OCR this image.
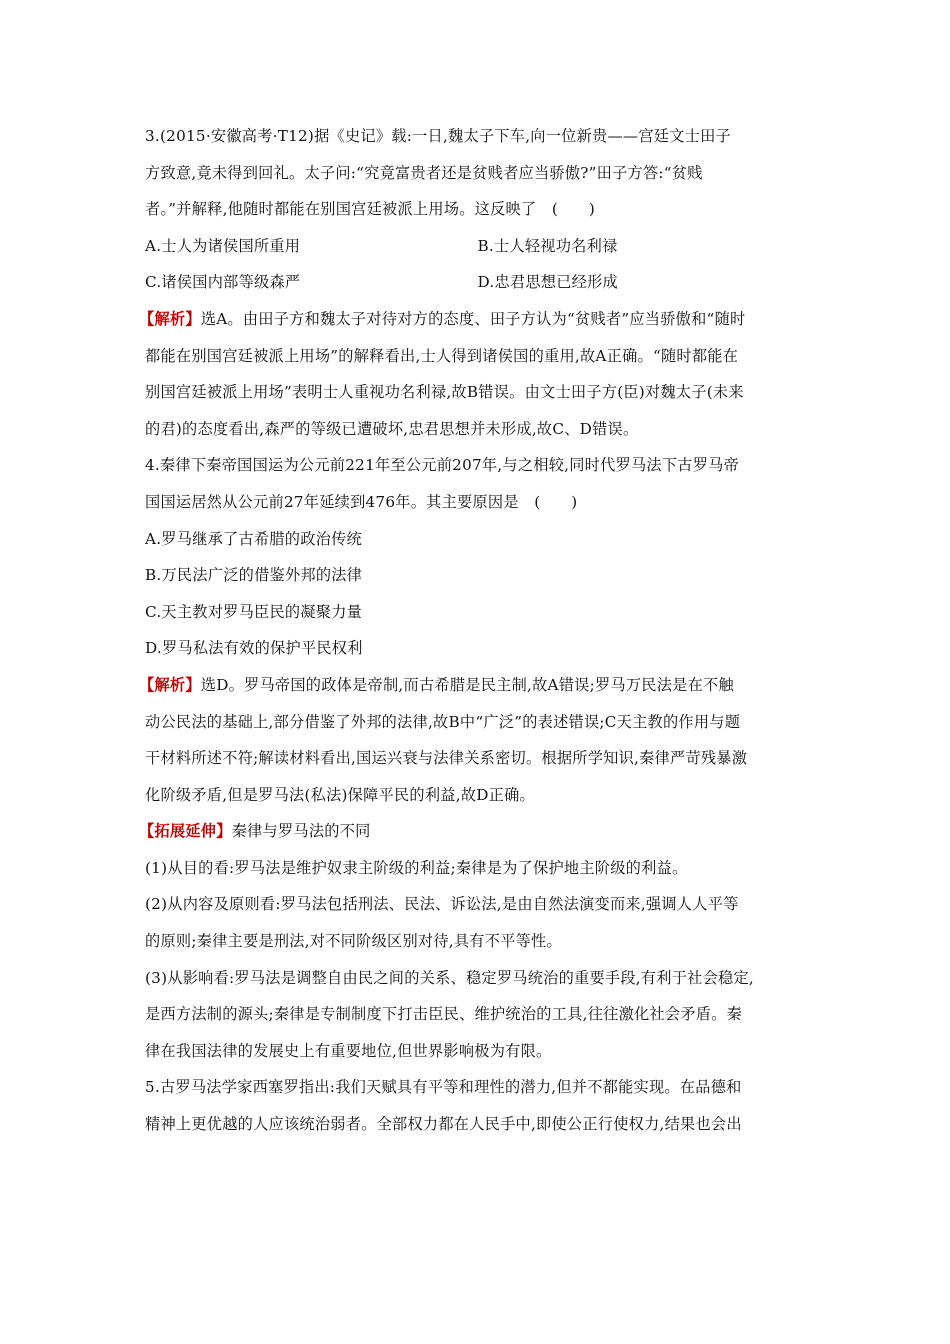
3.(2015·安徽高考·T12)据《史记》载:一日,魏太子下车,向一位新贵——宫廷文士田子
方致意,竟未得到回礼。太子问:“究竟富贵者还是贫贱者应当骄傲?”田子方答:“贫贱
者。”并解释,他随时都能在别国宫廷被派上用场。这反映了　(　　)
A.士人为诸侯国所重用	B.士人轻视功名利禄
C.诸侯国内部等级森严	D.忠君思想已经形成
【解析】选A。由田子方和魏太子对待对方的态度、田子方认为“贫贱者”应当骄傲和“随时
都能在别国宫廷被派上用场”的解释看出,士人得到诸侯国的重用,故A正确。“随时都能在
别国宫廷被派上用场”表明士人重视功名利禄,故B错误。由文士田子方(臣)对魏太子(未来
的君)的态度看出,森严的等级已遭破坏,忠君思想并未形成,故C、D错误。
4.秦律下秦帝国国运为公元前221年至公元前207年,与之相较,同时代罗马法下古罗马帝
国国运居然从公元前27年延续到476年。其主要原因是　(　　)
A.罗马继承了古希腊的政治传统
B.万民法广泛的借鉴外邦的法律
C.天主教对罗马臣民的凝聚力量
D.罗马私法有效的保护平民权利
【解析】选D。罗马帝国的政体是帝制,而古希腊是民主制,故A错误;罗马万民法是在不触
动公民法的基础上,部分借鉴了外邦的法律,故B中“广泛”的表述错误;C天主教的作用与题
干材料所述不符;解读材料看出,国运兴衰与法律关系密切。根据所学知识,秦律严苛残暴激
化阶级矛盾,但是罗马法(私法)保障平民的利益,故D正确。
【拓展延伸】秦律与罗马法的不同
(1)从目的看:罗马法是维护奴隶主阶级的利益;秦律是为了保护地主阶级的利益。
(2)从内容及原则看:罗马法包括刑法、民法、诉讼法,是由自然法演变而来,强调人人平等
的原则;秦律主要是刑法,对不同阶级区别对待,具有不平等性。
(3)从影响看:罗马法是调整自由民之间的关系、稳定罗马统治的重要手段,有利于社会稳定,
是西方法制的源头;秦律是专制制度下打击臣民、维护统治的工具,往往激化社会矛盾。秦
律在我国法律的发展史上有重要地位,但世界影响极为有限。
5.古罗马法学家西塞罗指出:我们天赋具有平等和理性的潜力,但并不都能实现。在品德和
精神上更优越的人应该统治弱者。全部权力都在人民手中,即使公正行使权力,结果也会出
